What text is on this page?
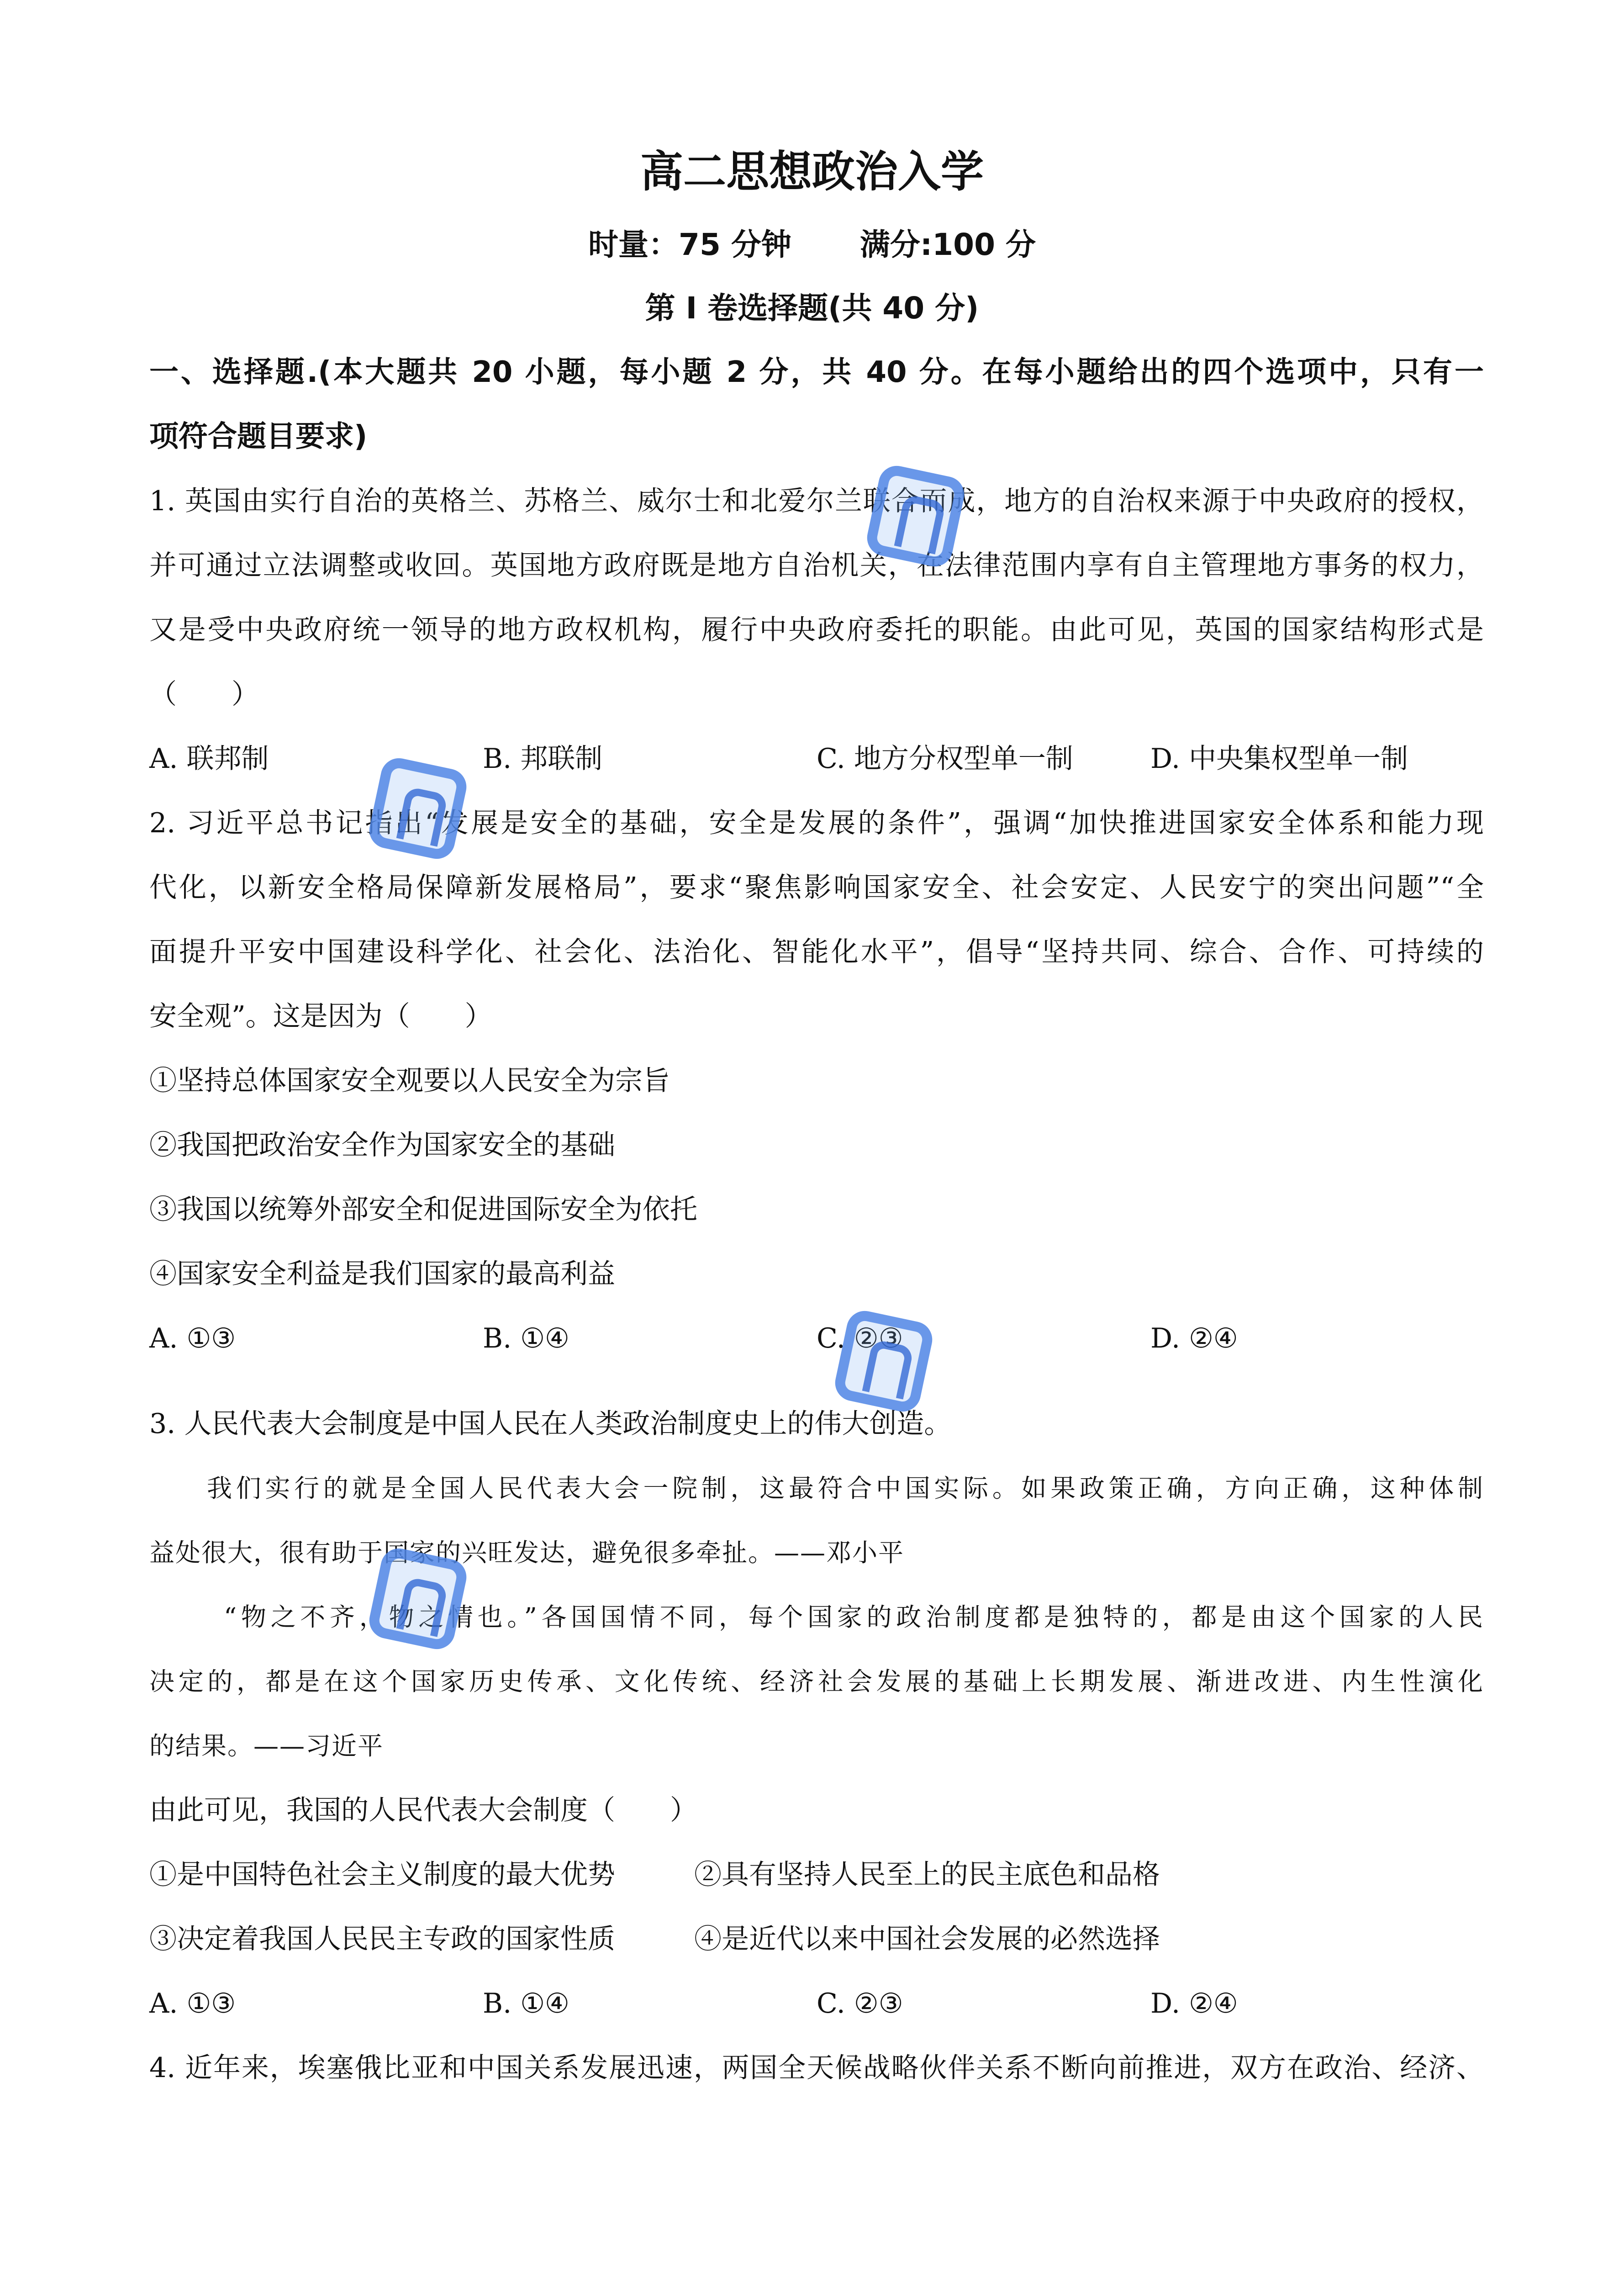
高二思想政治入学
时量：75 分钟 满分:100 分
第 I 卷选择题(共 40 分)
一、选择题.(本大题共 20 小题，每小题 2 分，共 40 分。在每小题给出的四个选项中，只有一
项符合题目要求)
1. 英国由实行自治的英格兰、苏格兰、威尔士和北爱尔兰联合而成，地方的自治权来源于中央政府的授权，
并可通过立法调整或收回。英国地方政府既是地方自治机关，在法律范围内享有自主管理地方事务的权力，
又是受中央政府统一领导的地方政权机构，履行中央政府委托的职能。由此可见，英国的国家结构形式是
（　　）
A. 联邦制	B. 邦联制	C. 地方分权型单一制	D. 中央集权型单一制
2. 习近平总书记指出“发展是安全的基础，安全是发展的条件”，强调“加快推进国家安全体系和能力现
代化，以新安全格局保障新发展格局”，要求“聚焦影响国家安全、社会安定、人民安宁的突出问题”“全
面提升平安中国建设科学化、社会化、法治化、智能化水平”，倡导“坚持共同、综合、合作、可持续的
安全观”。这是因为（　　）
①坚持总体国家安全观要以人民安全为宗旨
②我国把政治安全作为国家安全的基础
③我国以统筹外部安全和促进国际安全为依托
④国家安全利益是我们国家的最高利益
A. ①③	B. ①④	C. ②③	D. ②④
3. 人民代表大会制度是中国人民在人类政治制度史上的伟大创造。
我们实行的就是全国人民代表大会一院制，这最符合中国实际。如果政策正确，方向正确，这种体制
益处很大，很有助于国家的兴旺发达，避免很多牵扯。——邓小平
“物之不齐，物之情也。”各国国情不同，每个国家的政治制度都是独特的，都是由这个国家的人民
决定的，都是在这个国家历史传承、文化传统、经济社会发展的基础上长期发展、渐进改进、内生性演化
的结果。——习近平
由此可见，我国的人民代表大会制度（　　）
①是中国特色社会主义制度的最大优势	②具有坚持人民至上的民主底色和品格
③决定着我国人民民主专政的国家性质	④是近代以来中国社会发展的必然选择
A. ①③	B. ①④	C. ②③	D. ②④
4. 近年来，埃塞俄比亚和中国关系发展迅速，两国全天候战略伙伴关系不断向前推进，双方在政治、经济、
